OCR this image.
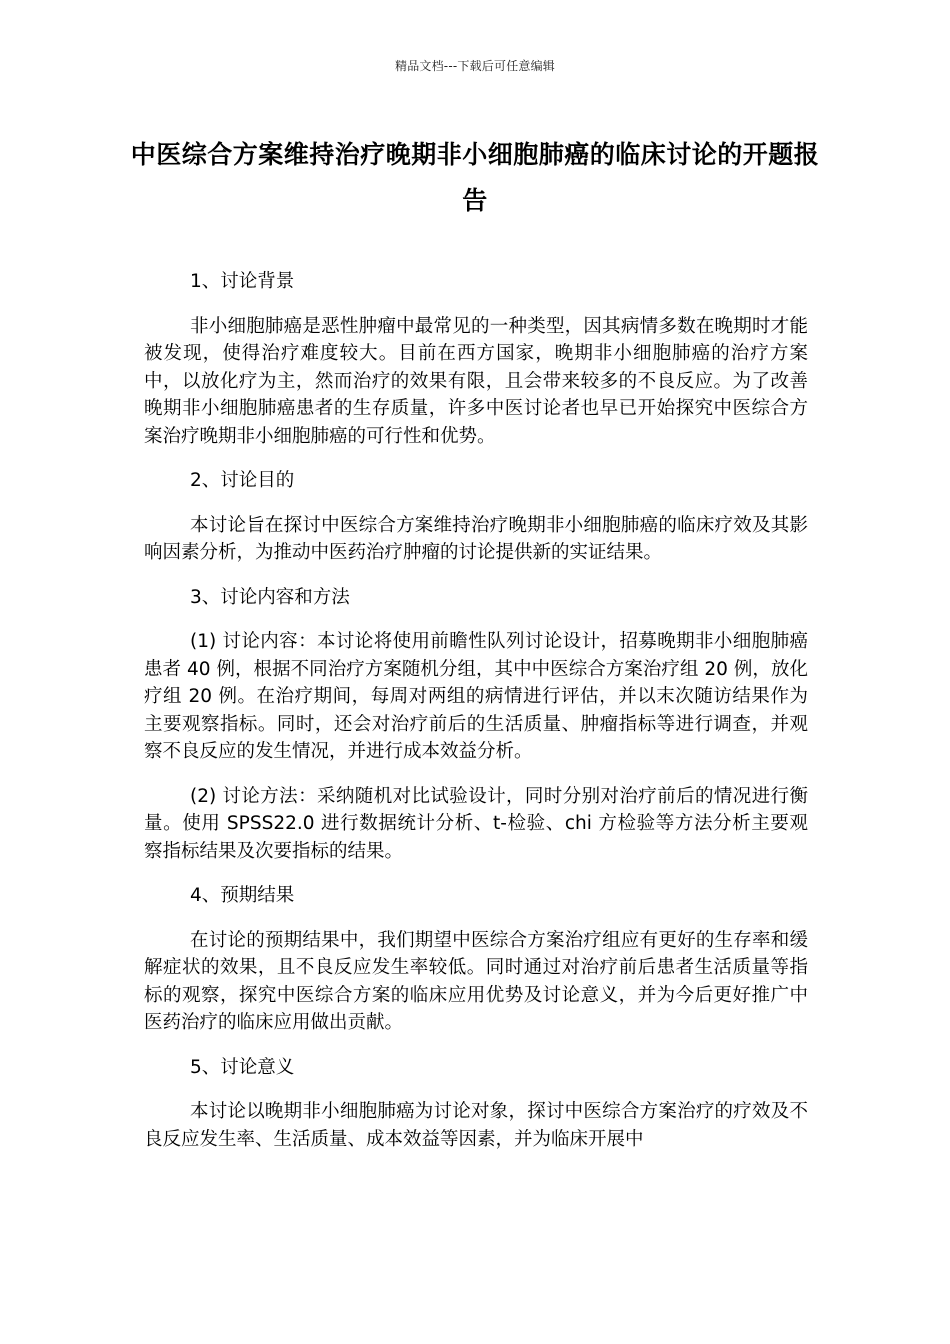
精品文档---下载后可任意编辑
中医综合方案维持治疗晚期非小细胞肺癌的临床讨论的开题报告

1、讨论背景

非小细胞肺癌是恶性肿瘤中最常见的一种类型，因其病情多数在晚期时才能被发现，使得治疗难度较大。目前在西方国家，晚期非小细胞肺癌的治疗方案中，以放化疗为主，然而治疗的效果有限，且会带来较多的不良反应。为了改善晚期非小细胞肺癌患者的生存质量，许多中医讨论者也早已开始探究中医综合方案治疗晚期非小细胞肺癌的可行性和优势。

2、讨论目的

本讨论旨在探讨中医综合方案维持治疗晚期非小细胞肺癌的临床疗效及其影响因素分析，为推动中医药治疗肿瘤的讨论提供新的实证结果。

3、讨论内容和方法

(1) 讨论内容：本讨论将使用前瞻性队列讨论设计，招募晚期非小细胞肺癌患者 40 例，根据不同治疗方案随机分组，其中中医综合方案治疗组 20 例，放化疗组 20 例。在治疗期间，每周对两组的病情进行评估，并以末次随访结果作为主要观察指标。同时，还会对治疗前后的生活质量、肿瘤指标等进行调查，并观察不良反应的发生情况，并进行成本效益分析。

(2) 讨论方法：采纳随机对比试验设计，同时分别对治疗前后的情况进行衡量。使用 SPSS22.0 进行数据统计分析、t-检验、chi 方检验等方法分析主要观察指标结果及次要指标的结果。

4、预期结果

在讨论的预期结果中，我们期望中医综合方案治疗组应有更好的生存率和缓解症状的效果，且不良反应发生率较低。同时通过对治疗前后患者生活质量等指标的观察，探究中医综合方案的临床应用优势及讨论意义，并为今后更好推广中医药治疗的临床应用做出贡献。

5、讨论意义

本讨论以晚期非小细胞肺癌为讨论对象，探讨中医综合方案治疗的疗效及不良反应发生率、生活质量、成本效益等因素，并为临床开展中
